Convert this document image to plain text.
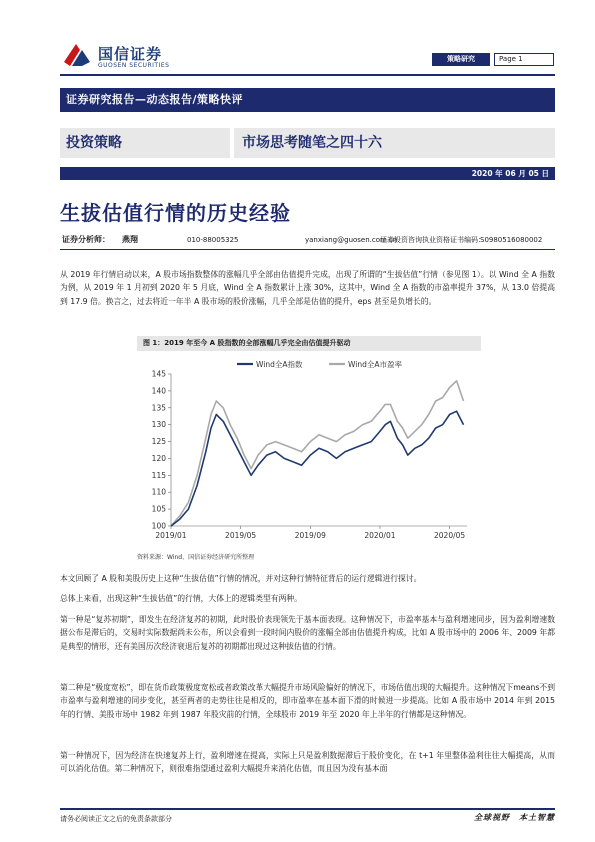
国信证券
GUOSEN SECURITIES
策略研究	Page 1
证券研究报告—动态报告/策略快评
投资策略	市场思考随笔之四十六
2020 年 06 月 05 日
生拔估值行情的历史经验
证券分析师： 燕翔	010-88005325	yanxiang@guosen.com.cn
证券投资咨询执业资格证书编码：
S0980516080002

从 2019 年行情启动以来，A 股市场指数整体的涨幅几乎全部由估值提升完成，出现了所谓的“生拔估值”行情（参见图 1）。以 Wind 全 A 指数为例，从 2019 年 1 月初到 2020 年 5 月底，Wind 全 A 指数累计上涨 30%，这其中，Wind 全 A 指数的市盈率提升 37%，从 13.0 倍提高到 17.9 倍。换言之，过去将近一年半 A 股市场的股价涨幅，几乎全部是估值的提升，eps 甚至是负增长的。

图 1：2019 年至今 A 股指数的全部涨幅几乎完全由估值提升驱动
100
105
110
115
120
125
130
135
140
145
2019/01	2019/05	2019/09	2020/01	2020/05
Wind全A指数	Wind全A市盈率
资料来源：Wind、国信证券经济研究所整理

本文回顾了 A 股和美股历史上这种“生拔估值”行情的情况，并对这种行情特征背后的运行逻辑进行探讨。

总体上来看，出现这种“生拔估值”的行情，大体上的逻辑类型有两种。

第一种是“复苏初期”，即发生在经济复苏的初期，此时股价表现领先于基本面表现。这种情况下，市盈率基本与盈利增速同步，因为盈利增速数据公布是滞后的，交易时实际数据尚未公布，所以会看到一段时间内股价的涨幅全部由估值提升构成，比如 A 股市场中的 2006 年、2009 年都是典型的情形，还有美国历次经济衰退后复苏的初期都出现过这种拔估值的行情。

第二种是“极度宽松”，即在货币政策极度宽松或者政策改革大幅提升市场风险偏好的情况下，市场估值出现的大幅提升。这种情况下means不到市盈率与盈利增速的同步变化，甚至两者的走势往往是相反的，即市盈率在基本面下滑的时候进一步提高。比如 A 股市场中 2014 年到 2015 年的行情、美股市场中 1982 年到 1987 年股灾前的行情，全球股市 2019 年至 2020 年上半年的行情都是这种情况。

第一种情况下，因为经济在快速复苏上行，盈利增速在提高，实际上只是盈利数据滞后于股价变化，在 t+1 年里整体盈利往往大幅提高，从而可以消化估值。第二种情况下，则很难指望通过盈利大幅提升来消化估值，而且因为没有基本面

请务必阅读正文之后的免责条款部分	全球视野　本土智慧
